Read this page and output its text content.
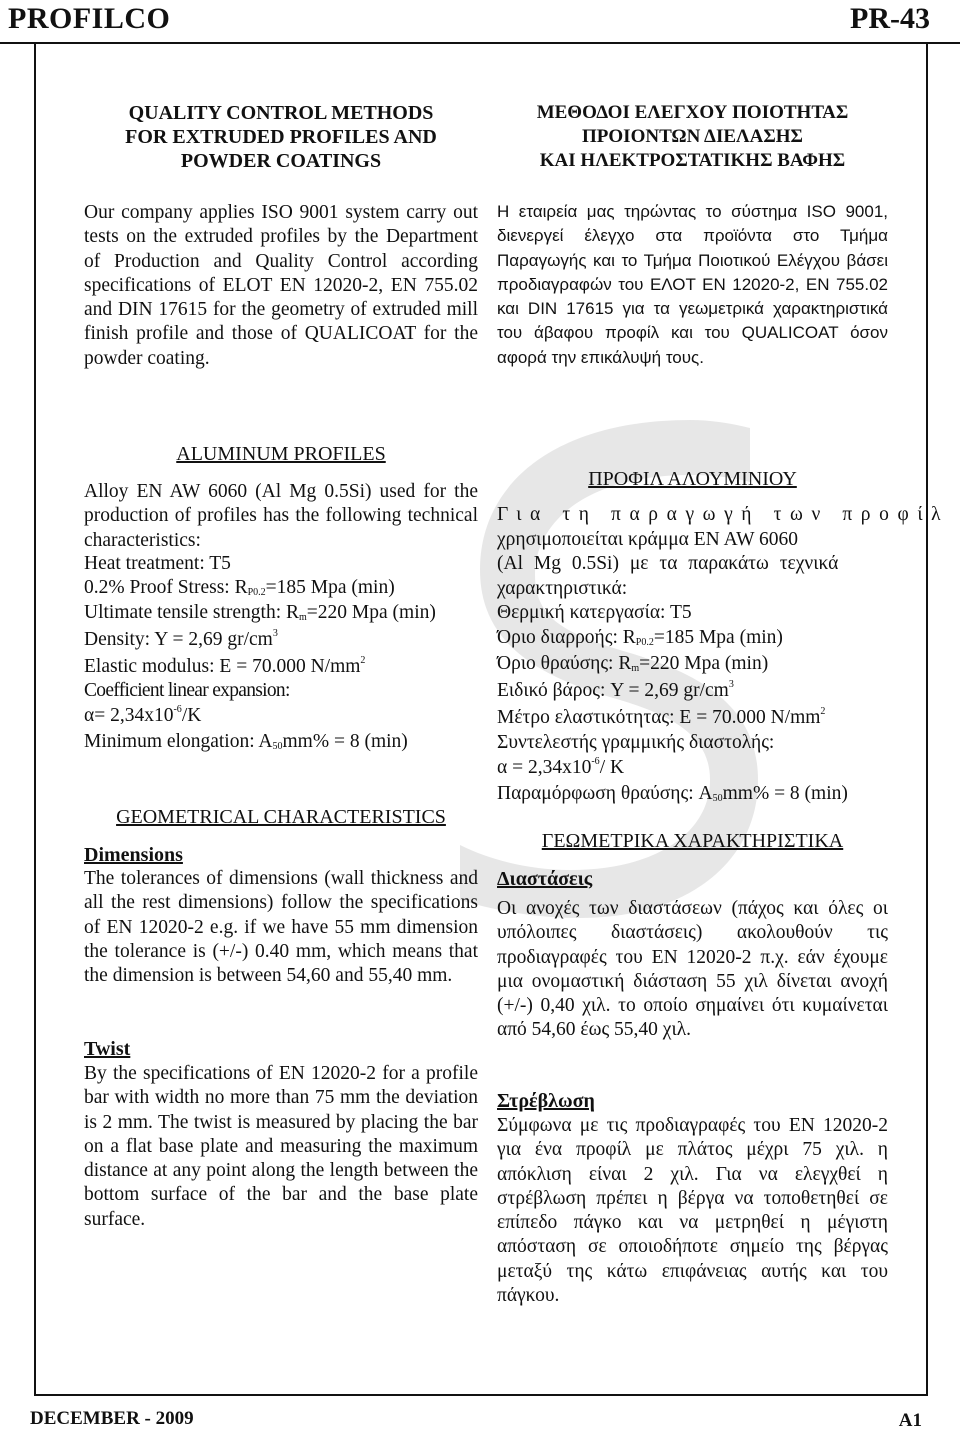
PROFILCO	PR-43
QUALITY CONTROL METHODS
FOR EXTRUDED PROFILES AND
POWDER COATINGS
Our company applies ISO 9001 system carry out tests on the extruded profiles by the Department of Production and Quality Control according specifications of ELOT EN 12020-2, EN 755.02 and DIN 17615 for the geometry of extruded mill finish profile and those of QUALICOAT for the powder coating.
ALUMINUM PROFILES
Alloy EN AW 6060 (Al Mg 0.5Si) used for the production of profiles has the following technical characteristics:
Heat treatment: T5
0.2% Proof Stress: $R_{P0.2}=185$ Mpa (min)
Ultimate tensile strength: $R_m=220$ Mpa (min)
Density: Y = 2,69 $gr/cm^3$
Elastic modulus: E = 70.000 $N/mm^2$
Coefficient linear expansion:
$\alpha= 2,34x10^{-6}/K$
Minimum elongation: $A_{50}mm\% = 8$ (min)
GEOMETRICAL CHARACTERISTICS
Dimensions
The tolerances of dimensions (wall thickness and all the rest dimensions) follow the specifications of EN 12020-2 e.g. if we have 55 mm dimension the tolerance is (+/-) 0.40 mm, which means that the dimension is between 54,60 and 55,40 mm.
Twist
By the specifications of EN 12020-2 for a profile bar with width no more than 75 mm the deviation is 2 mm. The twist is measured by placing the bar on a flat base plate and measuring the maximum distance at any point along the length between the bottom surface of the bar and the base plate surface.
ΜΕΘΟΔΟΙ ΕΛΕΓΧΟΥ ΠΟΙΟΤΗΤΑΣ
ΠΡΟΙΟΝΤΩΝ ΔΙΕΛΑΣΗΣ
ΚΑΙ ΗΛΕΚΤΡΟΣΤΑΤΙΚΗΣ ΒΑΦΗΣ
Η εταιρεία μας τηρώντας το σύστημα ISO 9001, διενεργεί έλεγχο στα προϊόντα στο Τμήμα Παραγωγής και το Τμήμα Ποιοτικού Ελέγχου βάσει προδιαγραφών του ΕΛΟΤ EN 12020-2, EN 755.02 και DIN 17615 για τα γεωμετρικά χαρακτηριστικά του άβαφου προφίλ και του QUALICOAT όσον αφορά την επικάλυψή τους.
ΠΡΟΦΙΛ ΑΛΟΥΜΙΝΙΟΥ
Για τη παραγωγή των προφίλ
χρησιμοποιείται κράμμα EN AW 6060
(Al Mg 0.5Si) με τα παρακάτω τεχνικά
χαρακτηριστικά:
Θερμική κατεργασία: Τ5
Όριο διαρροής: $R_{P0.2}=185$ Mpa (min)
Όριο θραύσης: $R_m=220$ Mpa (min)
Ειδικό βάρος: Y = 2,69 $gr/cm^3$
Μέτρο ελαστικότητας: E = 70.000 $N/mm^2$
Συντελεστής γραμμικής διαστολής:
$\alpha = 2,34x10^{-6}/$ K
Παραμόρφωση θραύσης: $A_{50}mm\% = 8$ (min)
ΓΕΩΜΕΤΡΙΚΑ ΧΑΡΑΚΤΗΡΙΣΤΙΚΑ
Διαστάσεις
Οι ανοχές των διαστάσεων (πάχος και όλες οι υπόλοιπες διαστάσεις) ακολουθούν τις προδιαγραφές του EN 12020-2 π.χ. εάν έχουμε μια ονομαστική διάσταση 55 χιλ δίνεται ανοχή (+/-) 0,40 χιλ. το οποίο σημαίνει ότι κυμαίνεται από 54,60 έως 55,40 χιλ.
Στρέβλωση
Σύμφωνα με τις προδιαγραφές του EN 12020-2 για ένα προφίλ με πλάτος μέχρι 75 χιλ. η απόκλιση είναι 2 χιλ. Για να ελεγχθεί η στρέβλωση πρέπει η βέργα να τοποθετηθεί σε επίπεδο πάγκο και να μετρηθεί η μέγιστη απόσταση σε οποιοδήποτε σημείο της βέργας μεταξύ της κάτω επιφάνειας αυτής και του πάγκου.
DECEMBER - 2009	A1
